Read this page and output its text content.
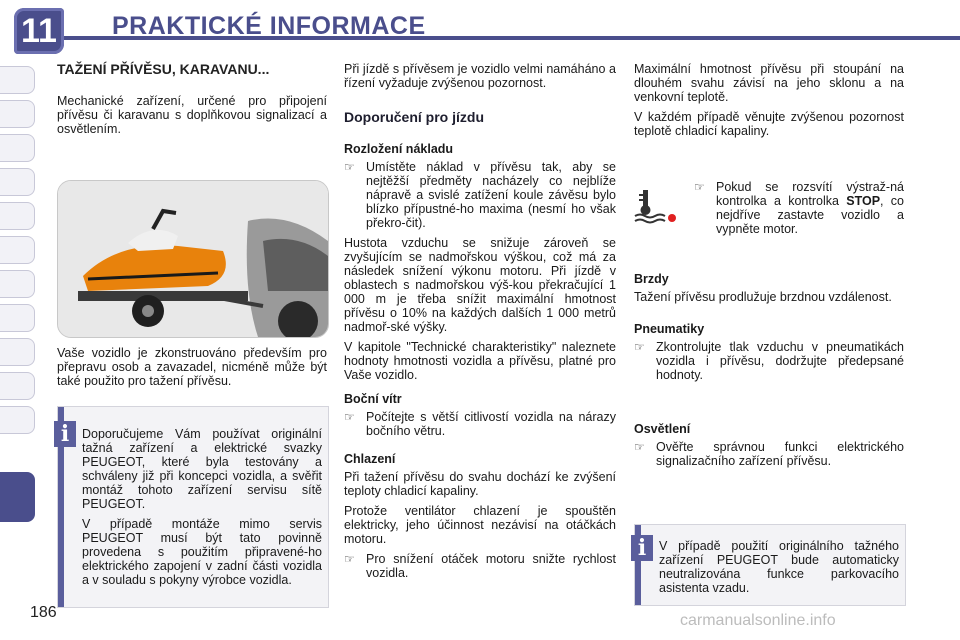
11 PRAKTICKÉ INFORMACE
TAŽENÍ PŘÍVĚSU, KARAVANU...

Mechanické zařízení, určené pro připojení přívěsu či karavanu s doplňkovou signalizací a osvětlením.

Vaše vozidlo je zkonstruováno především pro přepravu osob a zavazadel, nicméně může být také použito pro tažení přívěsu.

i	Doporučujeme Vám používat originální tažná zařízení a elektrické svazky PEUGEOT, které byla testovány a schváleny již při koncepci vozidla, a svěřit montáž tohoto zařízení servisu sítě PEUGEOT.

V případě montáže mimo servis PEUGEOT musí být tato povinně provedena s použitím připravené-ho elektrického zapojení v zadní části vozidla a v souladu s pokyny výrobce vozidla.

Při jízdě s přívěsem je vozidlo velmi namáháno a řízení vyžaduje zvýšenou pozornost.

Doporučení pro jízdu
Rozložení nákladu
☞ Umístěte náklad v přívěsu tak, aby se nejtěžší předměty nacházely co nejblíže nápravě a svislé zatížení koule závěsu bylo blízko přípustné-ho maxima (nesmí ho však překro-čit).

Hustota vzduchu se snižuje zároveň se zvyšujícím se nadmořskou výškou, což má za následek snížení výkonu motoru. Při jízdě v oblastech s nadmořskou výš-kou překračující 1 000 m je třeba snížit maximální hmotnost přívěsu o 10% na každých dalších 1 000 metrů nadmoř-ské výšky.

V kapitole "Technické charakteristiky" naleznete hodnoty hmotnosti vozidla a přívěsu, platné pro Vaše vozidlo.

Boční vítr
☞ Počítejte s větší citlivostí vozidla na nárazy bočního větru.
Chlazení

Při tažení přívěsu do svahu dochází ke zvýšení teploty chladicí kapaliny.

Protože ventilátor chlazení je spouštěn elektricky, jeho účinnost nezávisí na otáčkách motoru.

☞ Pro snížení otáček motoru snižte rychlost vozidla.

Maximální hmotnost přívěsu při stoupání na dlouhém svahu závisí na jeho sklonu a na venkovní teplotě.

V každém případě věnujte zvýšenou pozornost teplotě chladicí kapaliny.

☞ Pokud se rozsvítí výstraž-ná kontrolka a kontrolka STOP, co nejdříve zastavte vozidlo a vypněte motor.
Brzdy

Tažení přívěsu prodlužuje brzdnou vzdálenost.

Pneumatiky
☞ Zkontrolujte tlak vzduchu v pneumatikách vozidla i přívěsu, dodržujte předepsané hodnoty.
Osvětlení
☞ Ověřte správnou funkci elektrického signalizačního zařízení přívěsu.
i	V případě použití originálního tažného zařízení PEUGEOT bude automaticky neutralizována funkce parkovacího asistenta vzadu.

186	carmanualsonline.info
